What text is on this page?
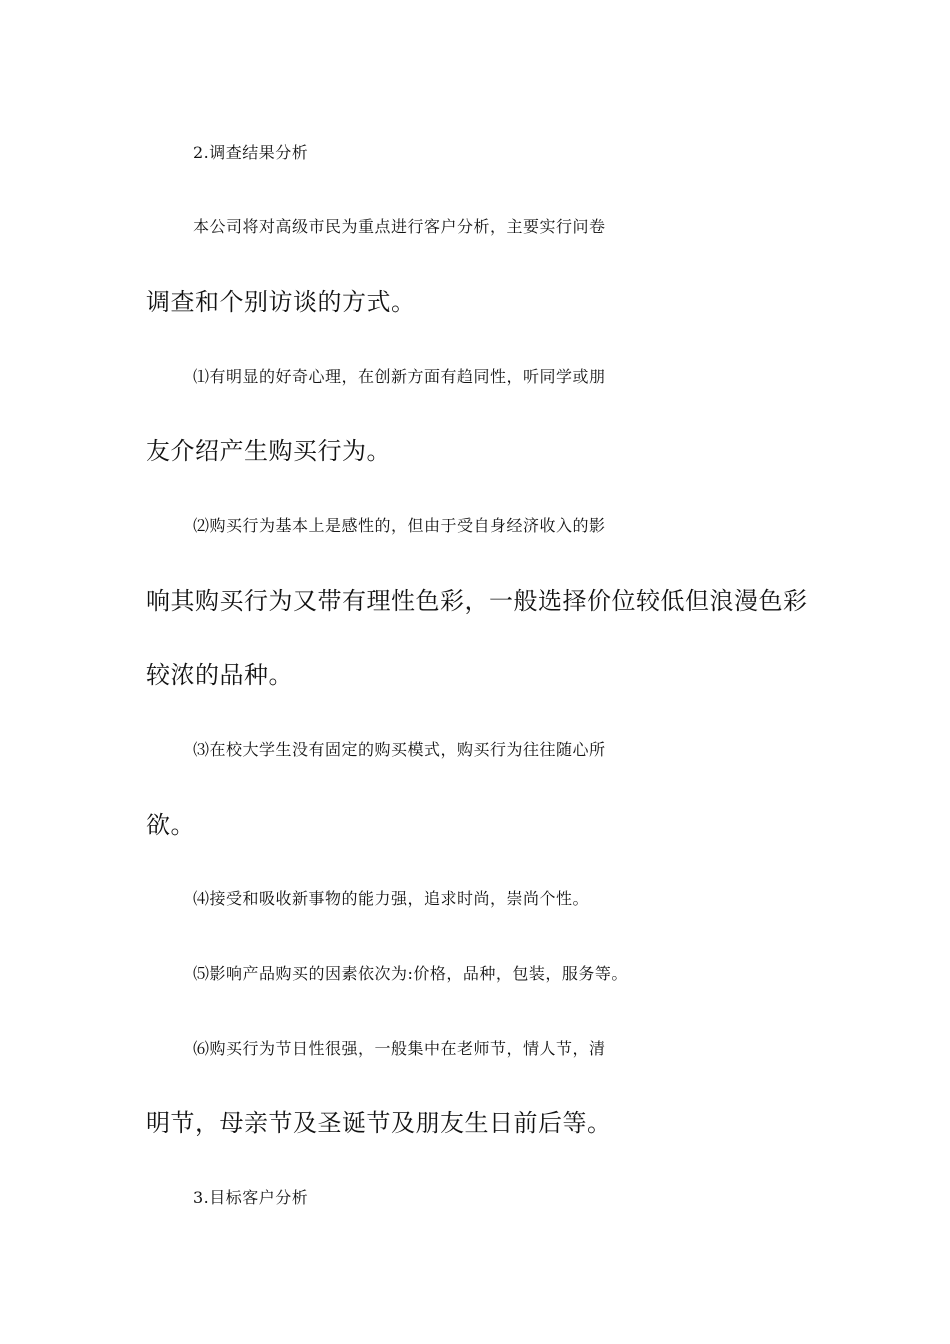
2.调查结果分析
本公司将对高级市民为重点进行客户分析，主要实行问卷
调查和个别访谈的方式。
⑴有明显的好奇心理，在创新方面有趋同性，听同学或朋
友介绍产生购买行为。
⑵购买行为基本上是感性的，但由于受自身经济收入的影
响其购买行为又带有理性色彩，一般选择价位较低但浪漫色彩
较浓的品种。
⑶在校大学生没有固定的购买模式，购买行为往往随心所
欲。
⑷接受和吸收新事物的能力强，追求时尚，崇尚个性。
⑸影响产品购买的因素依次为:价格，品种，包装，服务等。
⑹购买行为节日性很强，一般集中在老师节，情人节，清
明节，母亲节及圣诞节及朋友生日前后等。
3.目标客户分析
